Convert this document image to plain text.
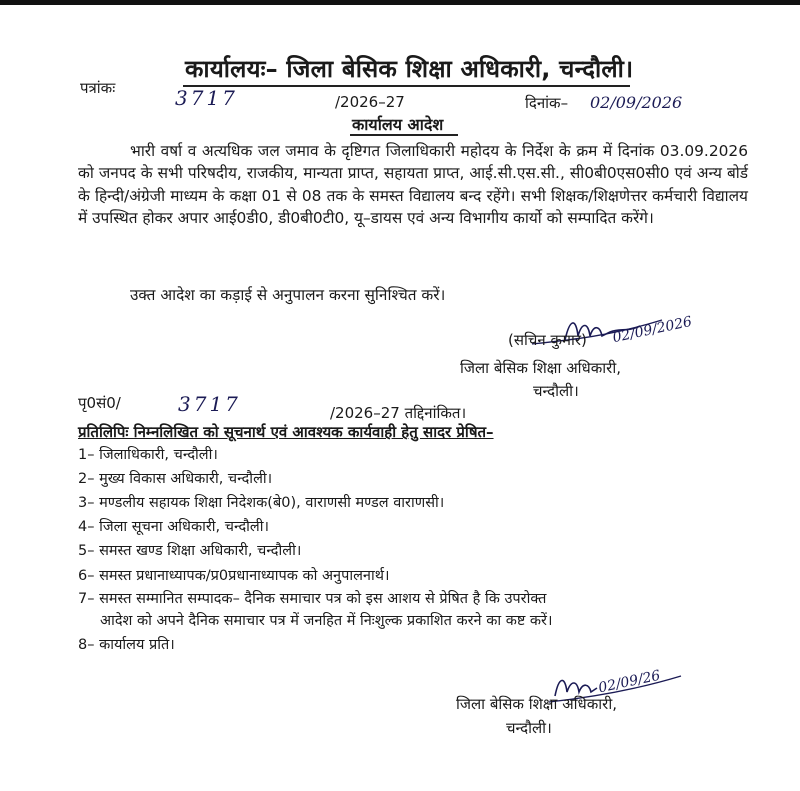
कार्यालयः– जिला बेसिक शिक्षा अधिकारी, चन्दौली।
पत्रांकः	3717	/2026–27	दिनांक– 02/09/2026
कार्यालय आदेश
भारी वर्षा व अत्यधिक जल जमाव के दृष्टिगत जिलाधिकारी महोदय के निर्देश के क्रम में दिनांक 03.09.2026 को जनपद के सभी परिषदीय, राजकीय, मान्यता प्राप्त, सहायता प्राप्त, आई.सी.एस.सी., सी0बी0एस0सी0 एवं अन्य बोर्ड के हिन्दी/अंग्रेजी माध्यम के कक्षा 01 से 08 तक के समस्त विद्यालय बन्द रहेंगे। सभी शिक्षक/शिक्षणेत्तर कर्मचारी विद्यालय में उपस्थित होकर अपार आई0डी0, डी0बी0टी0, यू–डायस एवं अन्य विभागीय कार्यो को सम्पादित करेंगे।
उक्त आदेश का कड़ाई से अनुपालन करना सुनिश्चित करें।
(सचिन कुमार) 02/09/2026
जिला बेसिक शिक्षा अधिकारी,
चन्दौली।
पृ0सं0/	3717	/2026–27 तद्दिनांकित।
प्रतिलिपिः निम्नलिखित को सूचनार्थ एवं आवश्यक कार्यवाही हेतु सादर प्रेषित–
1– जिलाधिकारी, चन्दौली।
2– मुख्य विकास अधिकारी, चन्दौली।
3– मण्डलीय सहायक शिक्षा निदेशक(बे0), वाराणसी मण्डल वाराणसी।
4– जिला सूचना अधिकारी, चन्दौली।
5– समस्त खण्ड शिक्षा अधिकारी, चन्दौली।
6– समस्त प्रधानाध्यापक/प्र0प्रधानाध्यापक को अनुपालनार्थ।
7– समस्त सम्मानित सम्पादक– दैनिक समाचार पत्र को इस आशय से प्रेषित है कि उपरोक्त
आदेश को अपने दैनिक समाचार पत्र में जनहित में निःशुल्क प्रकाशित करने का कष्ट करें।
8– कार्यालय प्रति।
02/09/26
जिला बेसिक शिक्षा अधिकारी,
चन्दौली।
